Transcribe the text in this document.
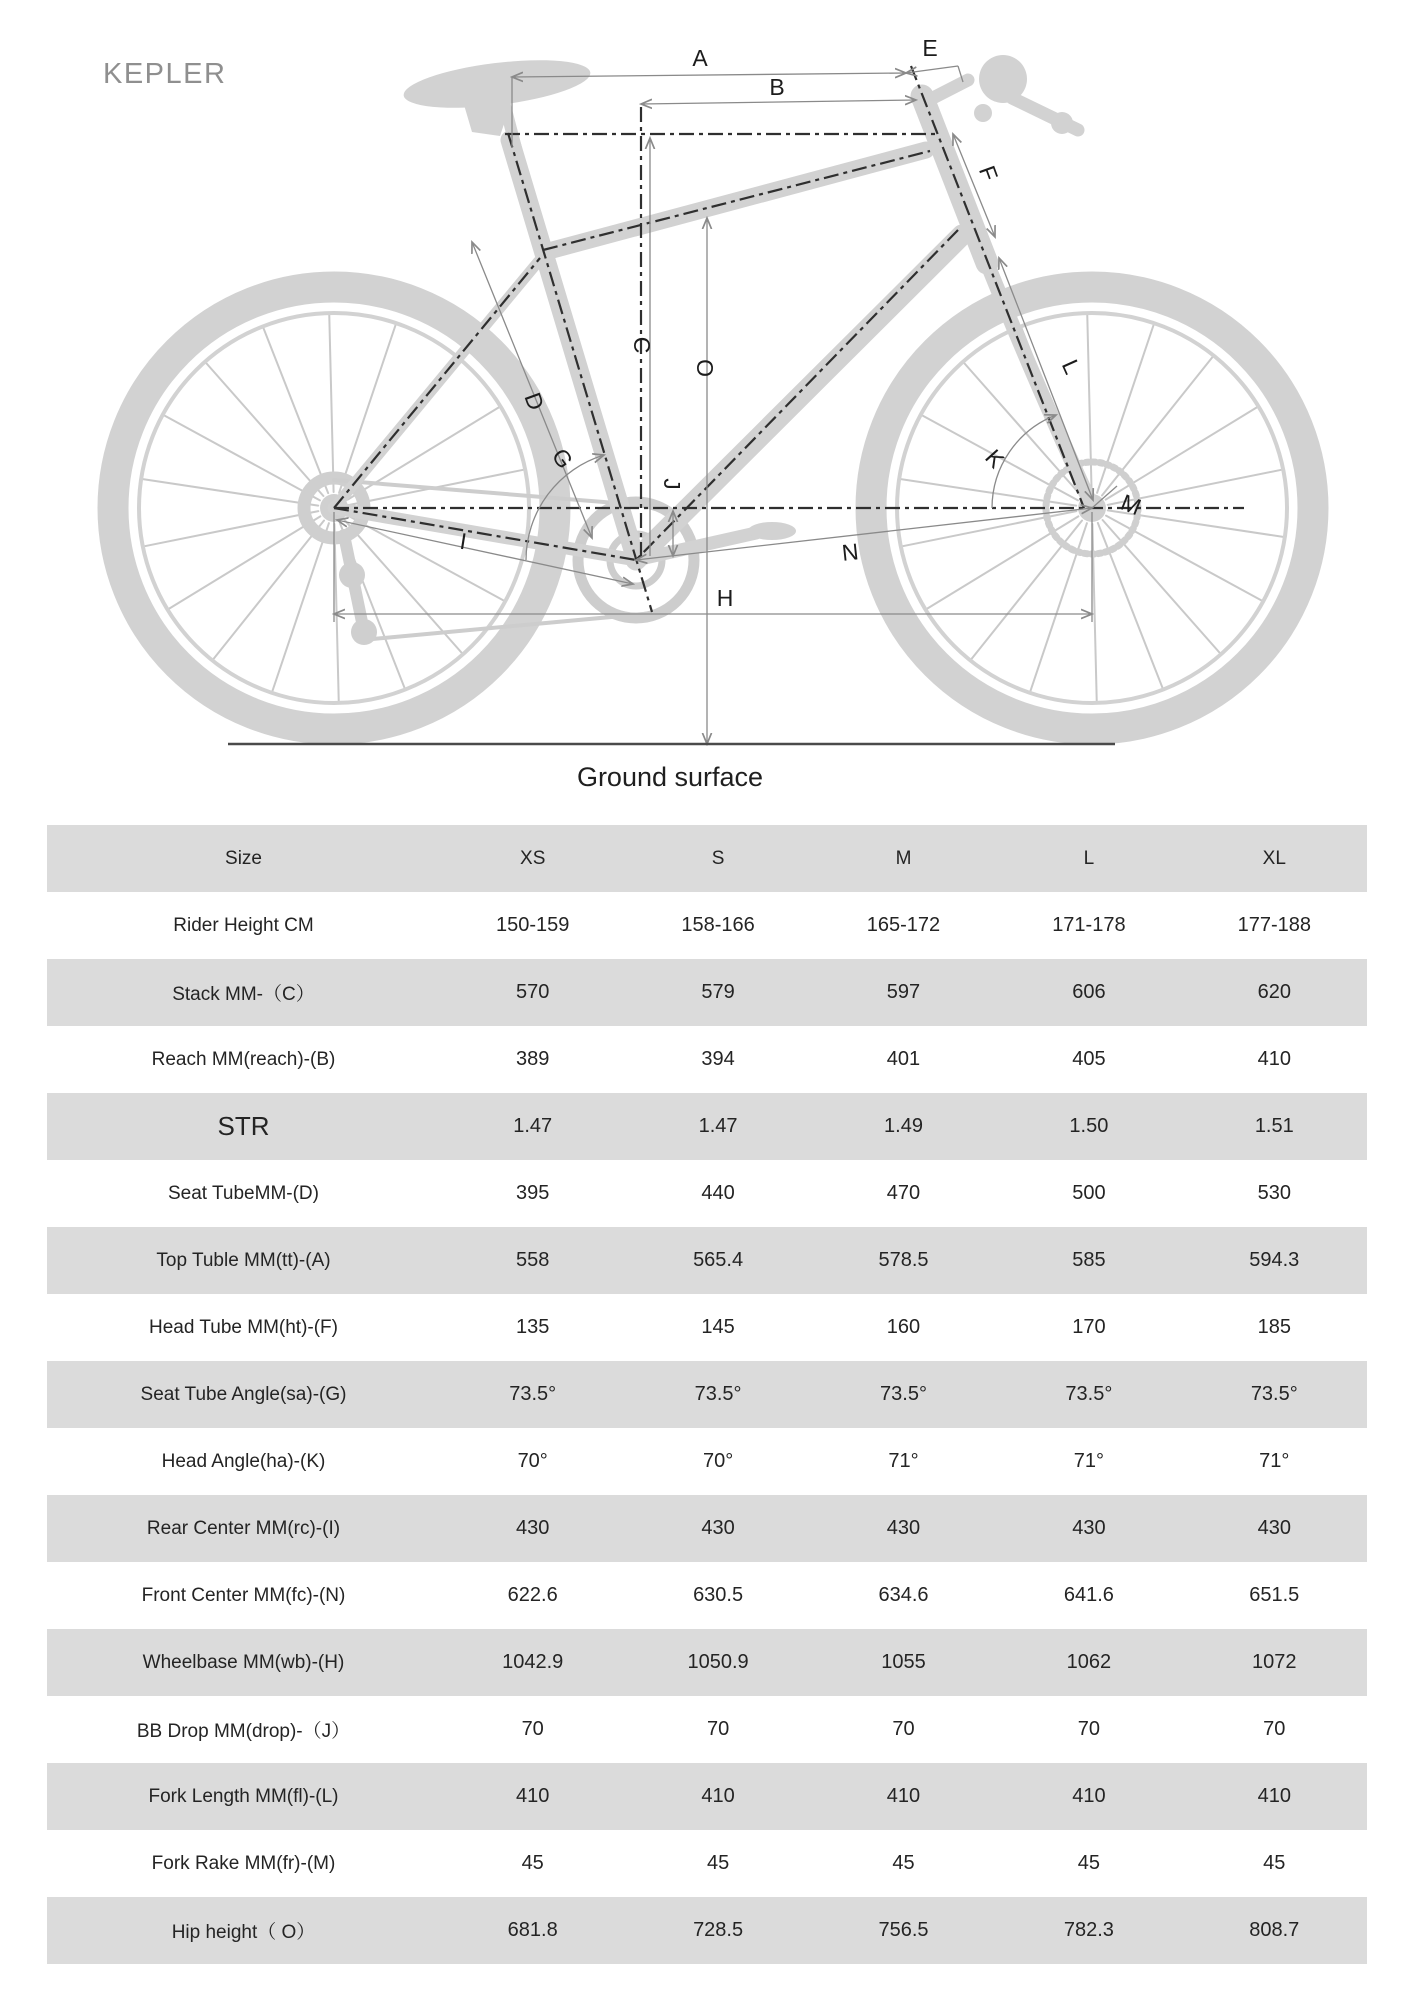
KEPLER	A
B
C
D
E
F
G
H
I
J
K
L
M
N
O
Ground surface
Size	XS	S	M	L	XL
Rider Height CM	150-159	158-166	165-172	171-178	177-188
Stack MM-（C）	570	579	597	606	620
Reach MM(reach)-(B)	389	394	401	405	410
STR	1.47	1.47	1.49	1.50	1.51
Seat TubeMM-(D)	395	440	470	500	530
Top Tuble MM(tt)-(A)	558	565.4	578.5	585	594.3
Head Tube MM(ht)-(F)	135	145	160	170	185
Seat Tube Angle(sa)-(G)	73.5°	73.5°	73.5°	73.5°	73.5°
Head Angle(ha)-(K)	70°	70°	71°	71°	71°
Rear Center MM(rc)-(I)	430	430	430	430	430
Front Center MM(fc)-(N)	622.6	630.5	634.6	641.6	651.5
Wheelbase MM(wb)-(H)	1042.9	1050.9	1055	1062	1072
BB Drop MM(drop)-（J）	70	70	70	70	70
Fork Length MM(fl)-(L)	410	410	410	410	410
Fork Rake MM(fr)-(M)	45	45	45	45	45
Hip height（ O）	681.8	728.5	756.5	782.3	808.7
